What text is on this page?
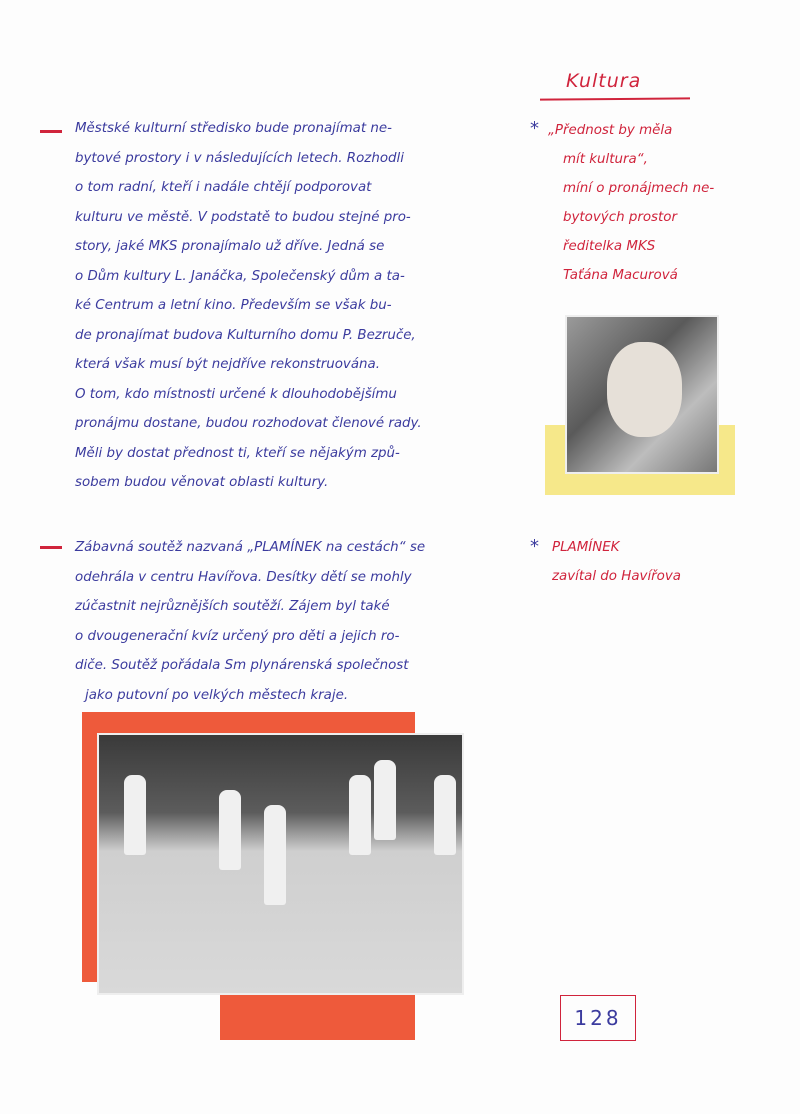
Kultura
Městské kulturní středisko bude pronajímat ne-
bytové prostory i v následujících letech. Rozhodli
o tom radní, kteří i nadále chtějí podporovat
kulturu ve městě. V podstatě to budou stejné pro-
story, jaké MKS pronajímalo už dříve. Jedná se
o Dům kultury L. Janáčka, Společenský dům a ta-
ké Centrum a letní kino. Především se však bu-
de pronajímat budova Kulturního domu P. Bezruče,
která však musí být nejdříve rekonstruována.
O tom, kdo místnosti určené k dlouhodobějšímu
pronájmu dostane, budou rozhodovat členové rady.
Měli by dostat přednost ti, kteří se nějakým způ-
sobem budou věnovat oblasti kultury.
* „Přednost by měla
mít kultura“,
míní o pronájmech ne-
bytových prostor
ředitelka MKS
Taťána Macurová
Zábavná soutěž nazvaná „PLAMÍNEK na cestách“ se
odehrála v centru Havířova. Desítky dětí se mohly
zúčastnit nejrůznějších soutěží. Zájem byl také
o dvougenerační kvíz určený pro děti a jejich ro-
diče. Soutěž pořádala Sm plynárenská společnost
jako putovní po velkých městech kraje.
* PLAMÍNEK
zavítal do Havířova
128
